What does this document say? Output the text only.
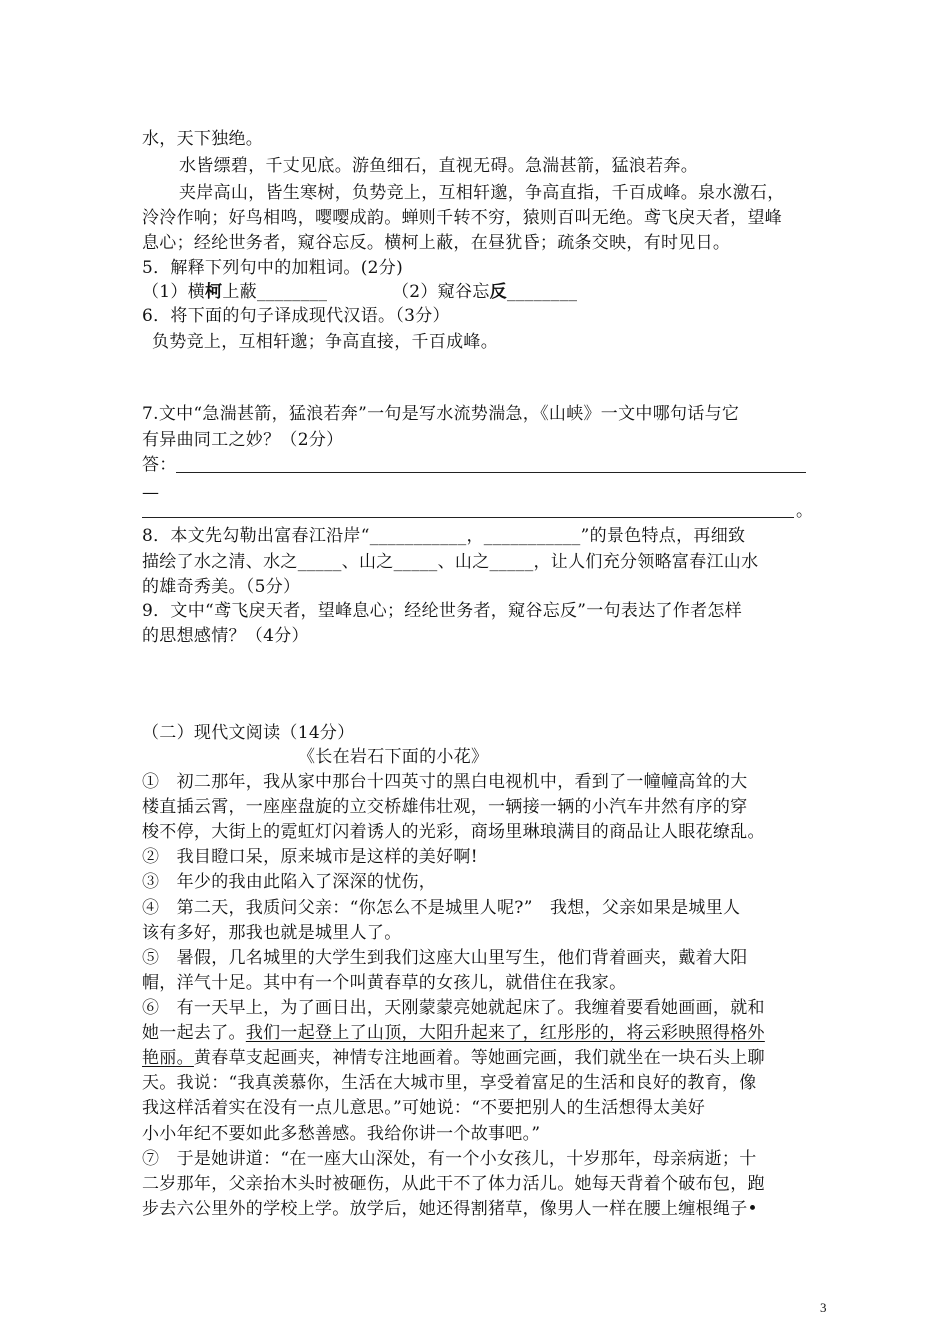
水，天下独绝。
水皆缥碧，千丈见底。游鱼细石，直视无碍。急湍甚箭，猛浪若奔。
夹岸高山，皆生寒树，负势竞上，互相轩邈，争高直指，千百成峰。泉水激石，
泠泠作响；好鸟相鸣，嘤嘤成韵。蝉则千转不穷，猿则百叫无绝。鸢飞戾天者，望峰
息心；经纶世务者，窥谷忘反。横柯上蔽，在昼犹昏；疏条交映，有时见日。
5．解释下列句中的加粗词。(2分)
（1）横柯上蔽________	（2）窥谷忘反________
6．将下面的句子译成现代汉语。（3分）
负势竞上，互相轩邈；争高直接，千百成峰。
7.文中“急湍甚箭，猛浪若奔”一句是写水流势湍急，《山峡》一文中哪句话与它
有异曲同工之妙？（2分）
答：
—
。
8．本文先勾勒出富春江沿岸“___________，___________”的景色特点，再细致
描绘了水之清、水之_____、山之_____、山之_____，让人们充分领略富春江山水
的雄奇秀美。（5分）
9．文中“鸢飞戾天者，望峰息心；经纶世务者，窥谷忘反”一句表达了作者怎样
的思想感情？（4分）
（二）现代文阅读（14分）
《长在岩石下面的小花》
①　初二那年，我从家中那台十四英寸的黑白电视机中，看到了一幢幢高耸的大
楼直插云霄，一座座盘旋的立交桥雄伟壮观，一辆接一辆的小汽车井然有序的穿
梭不停，大街上的霓虹灯闪着诱人的光彩，商场里琳琅满目的商品让人眼花缭乱。
②　我目瞪口呆，原来城市是这样的美好啊!
③　年少的我由此陷入了深深的忧伤，
④　第二天，我质问父亲：“你怎么不是城里人呢?”　我想，父亲如果是城里人
该有多好，那我也就是城里人了。
⑤　暑假，几名城里的大学生到我们这座大山里写生，他们背着画夹，戴着大阳
帽，洋气十足。其中有一个叫黄春草的女孩儿，就借住在我家。
⑥　有一天早上，为了画日出，天刚蒙蒙亮她就起床了。我缠着要看她画画，就和
她一起去了。我们一起登上了山顶，大阳升起来了，红彤彤的，将云彩映照得格外
艳丽。黄春草支起画夹，神情专注地画着。等她画完画，我们就坐在一块石头上聊
天。我说：“我真羡慕你，生活在大城市里，享受着富足的生活和良好的教育，像
我这样活着实在没有一点儿意思。”可她说：“不要把别人的生活想得太美好
小小年纪不要如此多愁善感。我给你讲一个故事吧。”
⑦　于是她讲道：“在一座大山深处，有一个小女孩儿，十岁那年，母亲病逝；十
二岁那年，父亲抬木头时被砸伤，从此干不了体力活儿。她每天背着个破布包，跑
步去六公里外的学校上学。放学后，她还得割猪草，像男人一样在腰上缠根绳子•
3
